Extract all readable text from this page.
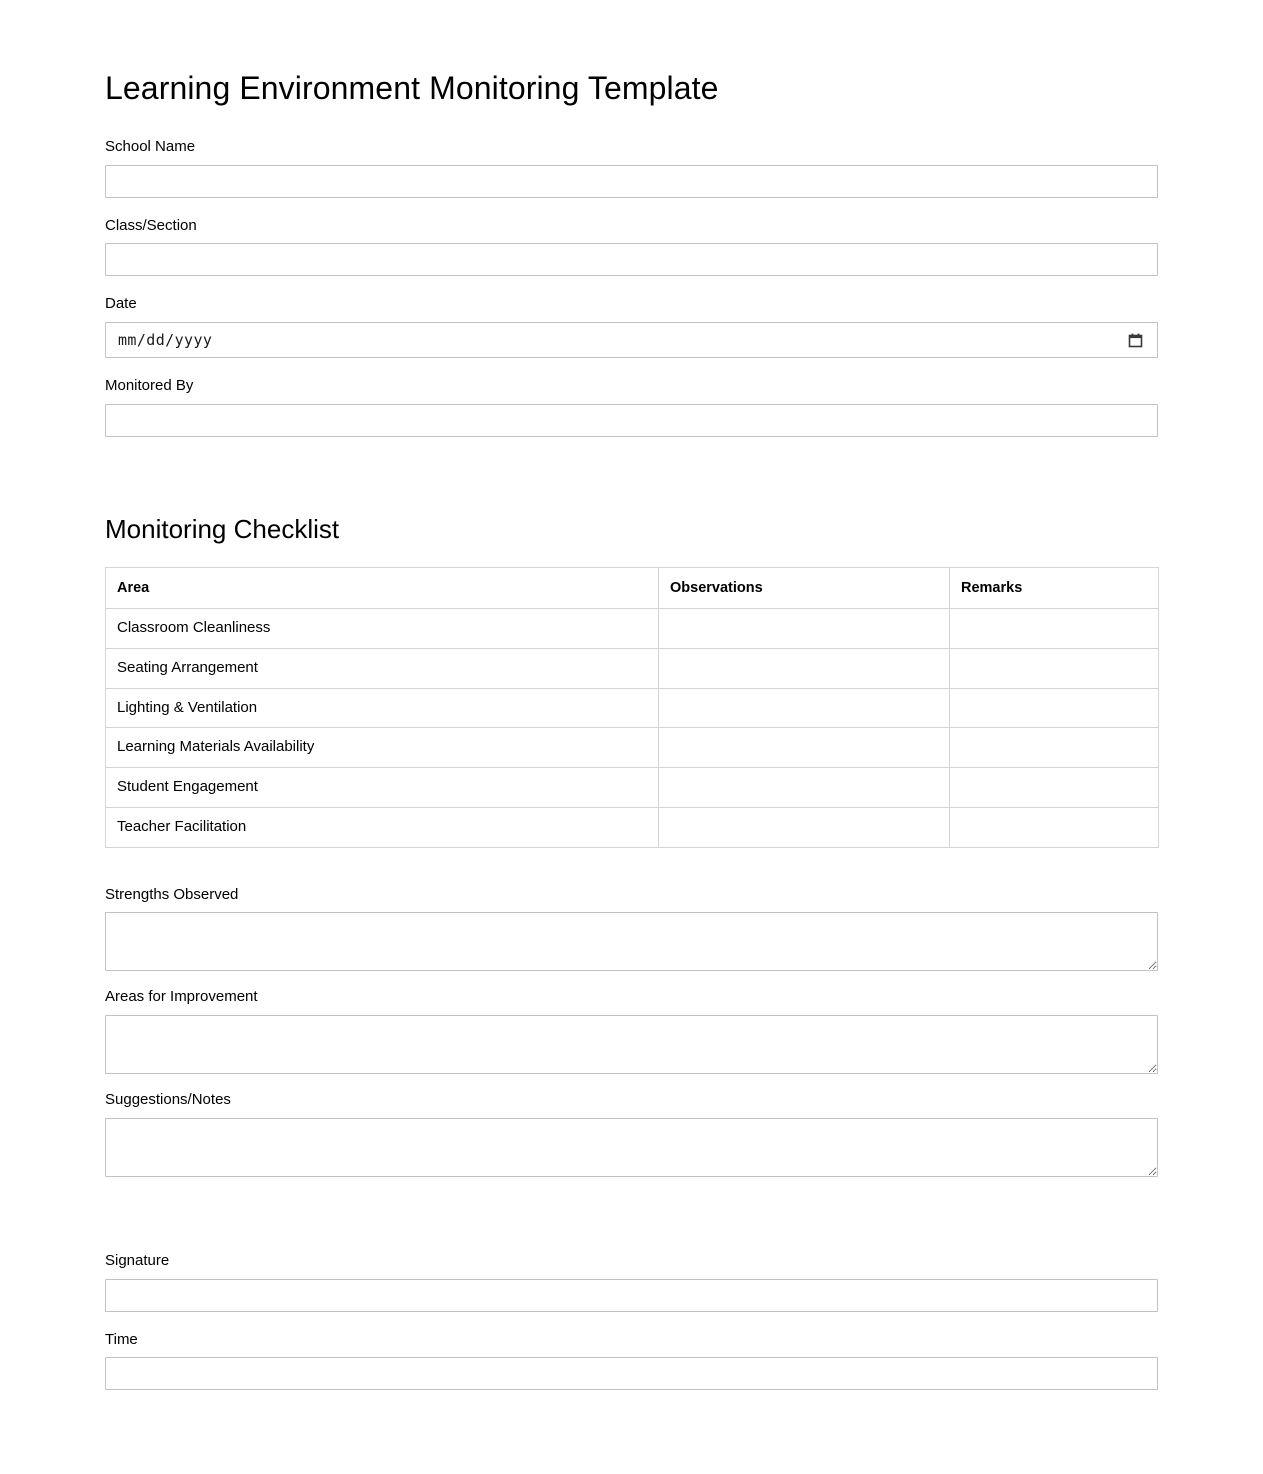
Learning Environment Monitoring Template
School Name
Class/Section
Date
mm/dd/yyyy
Monitored By
Monitoring Checklist
Area	Observations	Remarks
Classroom Cleanliness		
Seating Arrangement		
Lighting & Ventilation		
Learning Materials Availability		
Student Engagement		
Teacher Facilitation		
Strengths Observed
Areas for Improvement
Suggestions/Notes
Signature
Time
